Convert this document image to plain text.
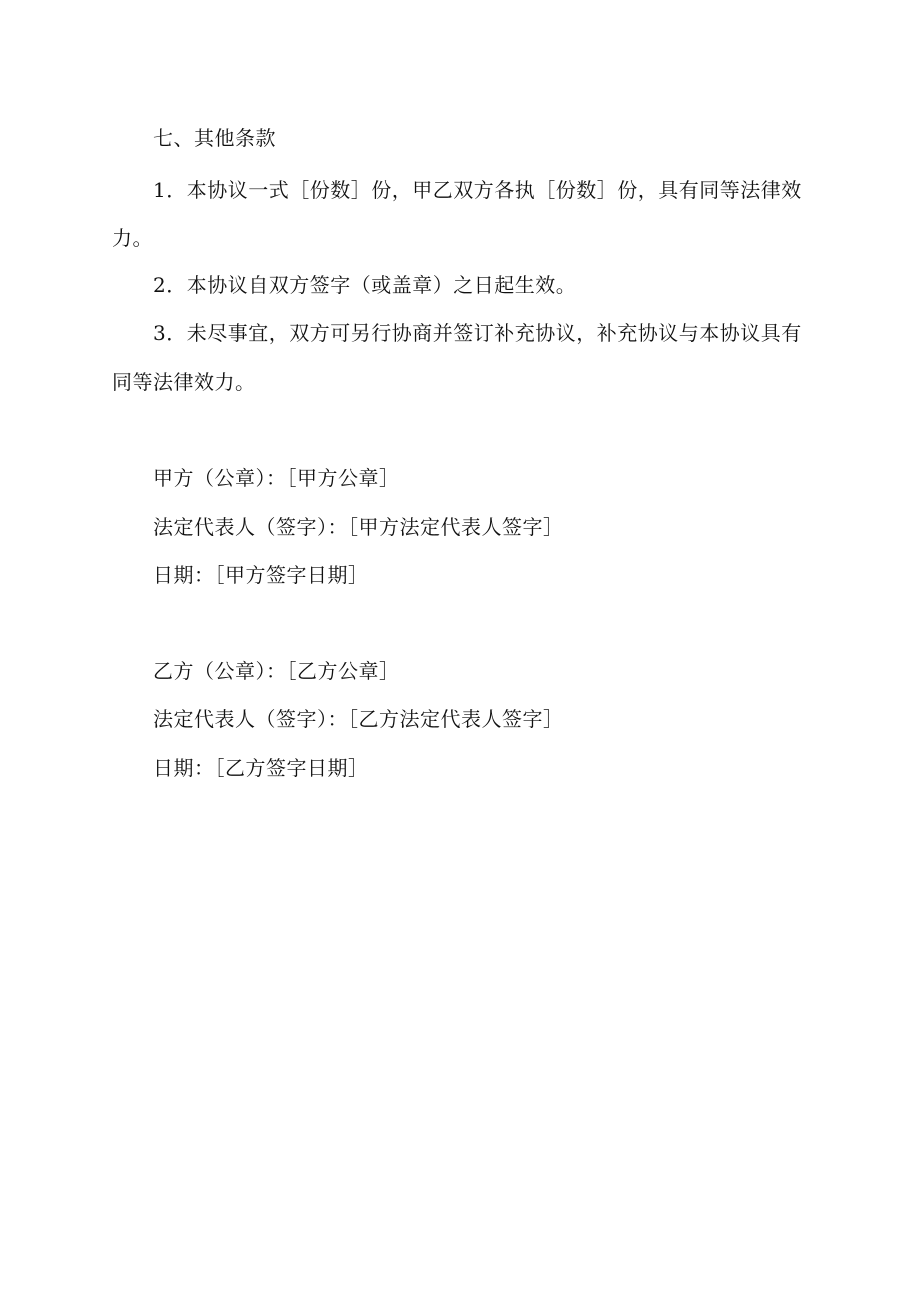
七、其他条款
1．本协议一式［份数］份，甲乙双方各执［份数］份，具有同等法律效
力。
2．本协议自双方签字（或盖章）之日起生效。
3．未尽事宜，双方可另行协商并签订补充协议，补充协议与本协议具有
同等法律效力。
甲方（公章）：［甲方公章］
法定代表人（签字）：［甲方法定代表人签字］
日期：［甲方签字日期］
乙方（公章）：［乙方公章］
法定代表人（签字）：［乙方法定代表人签字］
日期：［乙方签字日期］
